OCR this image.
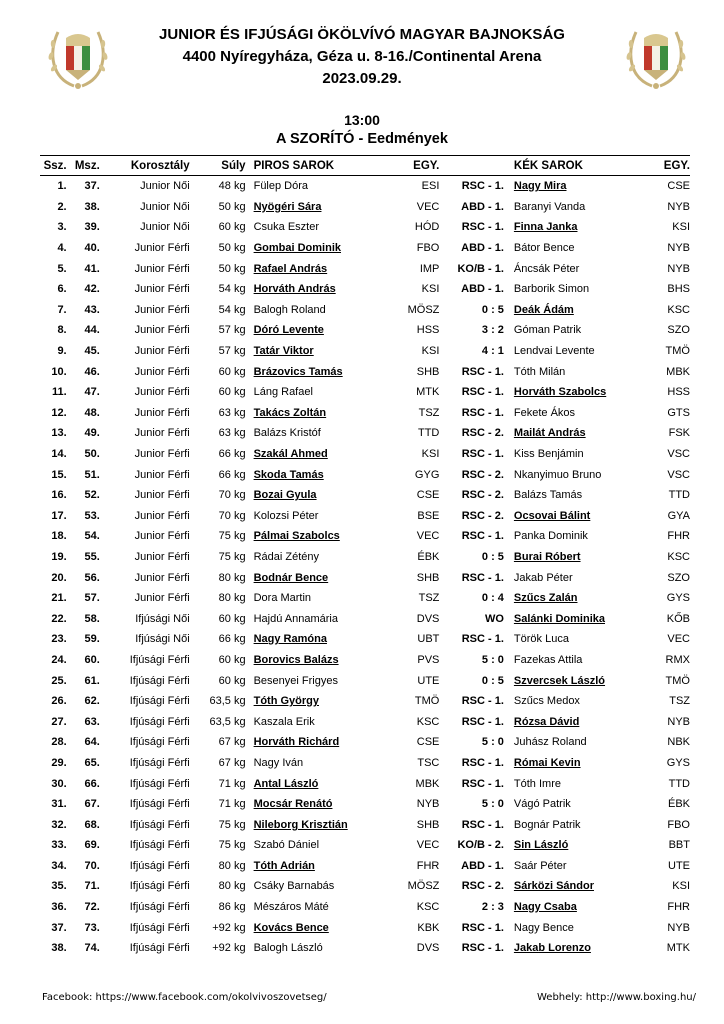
JUNIOR ÉS IFJÚSÁGI ÖKÖLVÍVÓ MAGYAR BAJNOKSÁG
4400 Nyíregyháza, Géza u. 8-16./Continental Arena
2023.09.29.
13:00
A SZORÍTÓ - Eedmények
Ssz.	Msz.	Korosztály	Súly	PIROS SAROK	EGY.		KÉK SAROK	EGY.
1.	37.	Junior Női	48 kg	Fülep Dóra	ESI	RSC - 1.	Nagy Mira	CSE
2.	38.	Junior Női	50 kg	Nyögéri Sára	VEC	ABD - 1.	Baranyi Vanda	NYB
3.	39.	Junior Női	60 kg	Csuka Eszter	HÓD	RSC - 1.	Finna Janka	KSI
4.	40.	Junior Férfi	50 kg	Gombai Dominik	FBO	ABD - 1.	Bátor Bence	NYB
5.	41.	Junior Férfi	50 kg	Rafael András	IMP	KO/B - 1.	Áncsák Péter	NYB
6.	42.	Junior Férfi	54 kg	Horváth András	KSI	ABD - 1.	Barborik Simon	BHS
7.	43.	Junior Férfi	54 kg	Balogh Roland	MÖSZ	0 : 5	Deák Ádám	KSC
8.	44.	Junior Férfi	57 kg	Dóró Levente	HSS	3 : 2	Góman Patrik	SZO
9.	45.	Junior Férfi	57 kg	Tatár Viktor	KSI	4 : 1	Lendvai Levente	TMÖ
10.	46.	Junior Férfi	60 kg	Brázovics Tamás	SHB	RSC - 1.	Tóth Milán	MBK
11.	47.	Junior Férfi	60 kg	Láng Rafael	MTK	RSC - 1.	Horváth Szabolcs	HSS
12.	48.	Junior Férfi	63 kg	Takács Zoltán	TSZ	RSC - 1.	Fekete Ákos	GTS
13.	49.	Junior Férfi	63 kg	Balázs Kristóf	TTD	RSC - 2.	Mailát András	FSK
14.	50.	Junior Férfi	66 kg	Szakál Ahmed	KSI	RSC - 1.	Kiss Benjámin	VSC
15.	51.	Junior Férfi	66 kg	Skoda Tamás	GYG	RSC - 2.	Nkanyimuo Bruno	VSC
16.	52.	Junior Férfi	70 kg	Bozai Gyula	CSE	RSC - 2.	Balázs Tamás	TTD
17.	53.	Junior Férfi	70 kg	Kolozsi Péter	BSE	RSC - 2.	Ocsovai Bálint	GYA
18.	54.	Junior Férfi	75 kg	Pálmai Szabolcs	VEC	RSC - 1.	Panka Dominik	FHR
19.	55.	Junior Férfi	75 kg	Rádai Zétény	ÉBK	0 : 5	Burai Róbert	KSC
20.	56.	Junior Férfi	80 kg	Bodnár Bence	SHB	RSC - 1.	Jakab Péter	SZO
21.	57.	Junior Férfi	80 kg	Dora Martin	TSZ	0 : 4	Szűcs Zalán	GYS
22.	58.	Ifjúsági Női	60 kg	Hajdú Annamária	DVS	WO	Salánki Dominika	KŐB
23.	59.	Ifjúsági Női	66 kg	Nagy Ramóna	UBT	RSC - 1.	Török Luca	VEC
24.	60.	Ifjúsági Férfi	60 kg	Borovics Balázs	PVS	5 : 0	Fazekas Attila	RMX
25.	61.	Ifjúsági Férfi	60 kg	Besenyei Frigyes	UTE	0 : 5	Szvercsek László	TMÖ
26.	62.	Ifjúsági Férfi	63,5 kg	Tóth György	TMÖ	RSC - 1.	Szűcs Medox	TSZ
27.	63.	Ifjúsági Férfi	63,5 kg	Kaszala Erik	KSC	RSC - 1.	Rózsa Dávid	NYB
28.	64.	Ifjúsági Férfi	67 kg	Horváth Richárd	CSE	5 : 0	Juhász Roland	NBK
29.	65.	Ifjúsági Férfi	67 kg	Nagy Iván	TSC	RSC - 1.	Római Kevin	GYS
30.	66.	Ifjúsági Férfi	71 kg	Antal László	MBK	RSC - 1.	Tóth Imre	TTD
31.	67.	Ifjúsági Férfi	71 kg	Mocsár Renátó	NYB	5 : 0	Vágó Patrik	ÉBK
32.	68.	Ifjúsági Férfi	75 kg	Nileborg Krisztián	SHB	RSC - 1.	Bognár Patrik	FBO
33.	69.	Ifjúsági Férfi	75 kg	Szabó Dániel	VEC	KO/B - 2.	Sin László	BBT
34.	70.	Ifjúsági Férfi	80 kg	Tóth Adrián	FHR	ABD - 1.	Saár Péter	UTE
35.	71.	Ifjúsági Férfi	80 kg	Csáky Barnabás	MÖSZ	RSC - 2.	Sárközi Sándor	KSI
36.	72.	Ifjúsági Férfi	86 kg	Mészáros Máté	KSC	2 : 3	Nagy Csaba	FHR
37.	73.	Ifjúsági Férfi	+92 kg	Kovács Bence	KBK	RSC - 1.	Nagy Bence	NYB
38.	74.	Ifjúsági Férfi	+92 kg	Balogh László	DVS	RSC - 1.	Jakab Lorenzo	MTK
Facebook: https://www.facebook.com/okolvivoszovetseg/	Webhely: http://www.boxing.hu/
